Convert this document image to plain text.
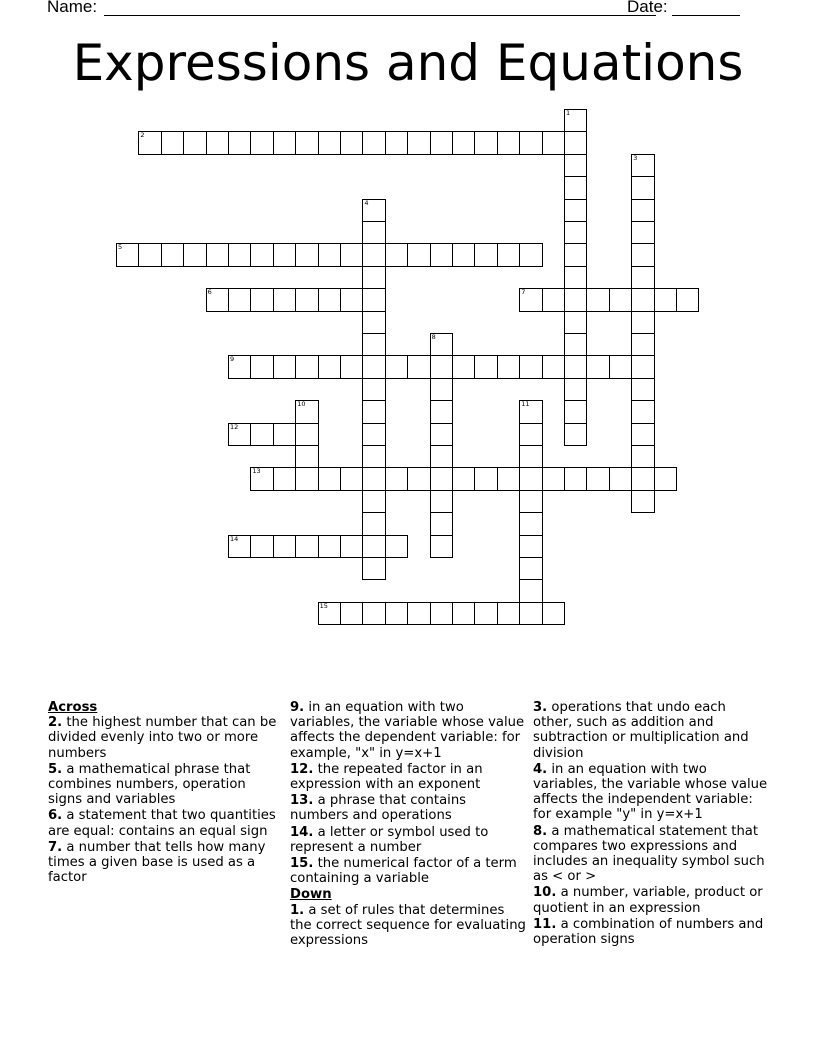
Name:	Date:
Expressions and Equations
2
5
6	7
9
12
13
14
15
1
3
4
8
10	11
Across
2. the highest number that can be divided evenly into two or more numbers
5. a mathematical phrase that combines numbers, operation signs and variables
6. a statement that two quantities are equal: contains an equal sign
7. a number that tells how many times a given base is used as a factor
9. in an equation with two variables, the variable whose value affects the dependent variable: for example, "x" in y=x+1
12. the repeated factor in an expression with an exponent
13. a phrase that contains numbers and operations
14. a letter or symbol used to represent a number
15. the numerical factor of a term containing a variable
Down
1. a set of rules that determines the correct sequence for evaluating expressions
3. operations that undo each other, such as addition and subtraction or multiplication and division
4. in an equation with two variables, the variable whose value affects the independent variable: for example "y" in y=x+1
8. a mathematical statement that compares two expressions and includes an inequality symbol such as < or >
10. a number, variable, product or quotient in an expression
11. a combination of numbers and operation signs
